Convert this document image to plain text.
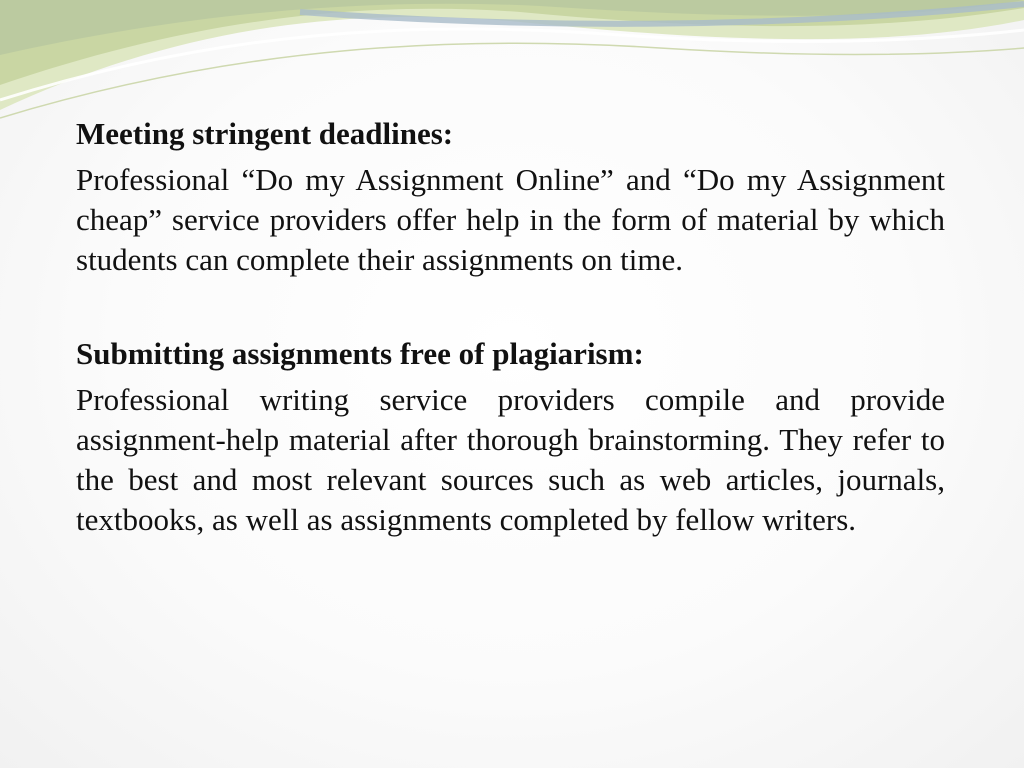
Meeting stringent deadlines:

Professional “Do my Assignment Online” and “Do my Assignment cheap” service providers offer help in the form of material by which students can complete their assignments on time.

Submitting assignments free of plagiarism:

Professional writing service providers compile and provide assignment-help material after thorough brainstorming. They refer to the best and most relevant sources such as web articles, journals, textbooks, as well as assignments completed by fellow writers.
